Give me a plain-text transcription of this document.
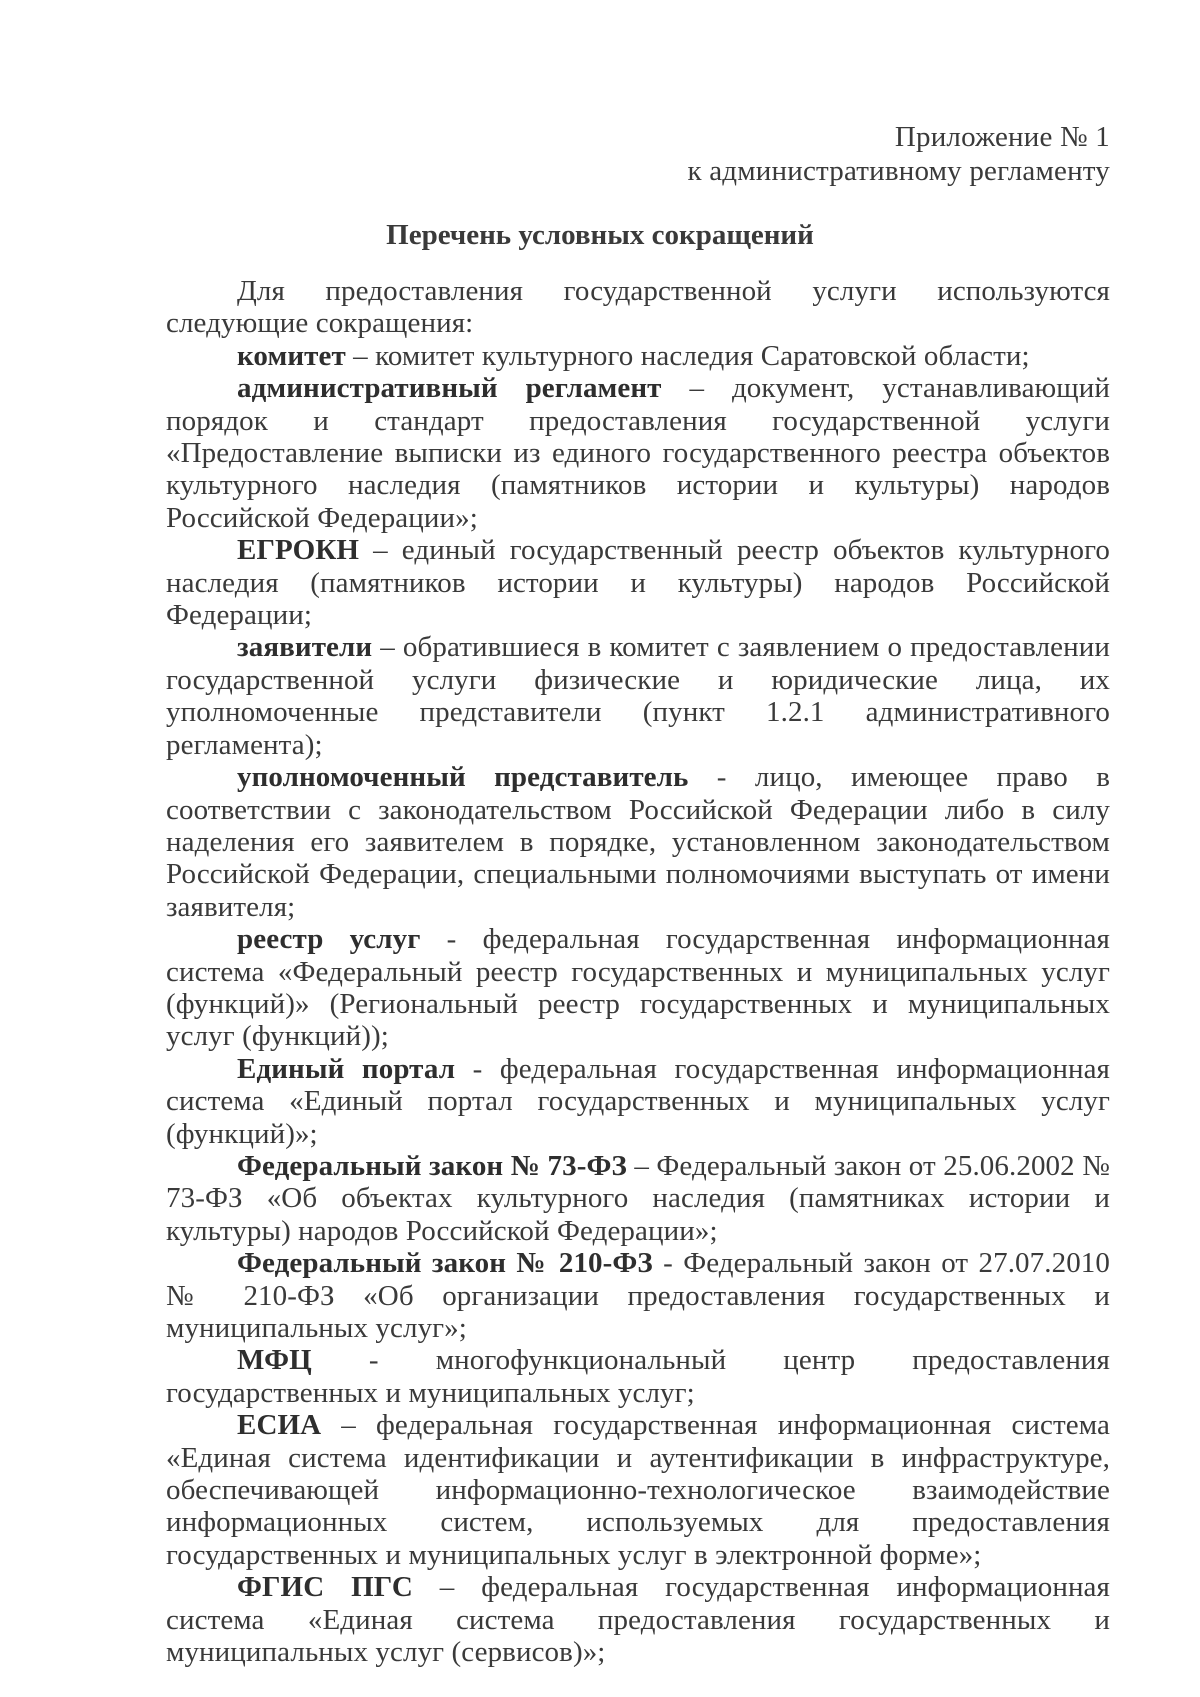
Приложение № 1
к административному регламенту
Перечень условных сокращений

Для предоставления государственной услуги используются следующие сокращения:

комитет – комитет культурного наследия Саратовской области;

административный регламент – документ, устанавливающий порядок и стандарт предоставления государственной услуги «Предоставление выписки из единого государственного реестра объектов культурного наследия (памятников истории и культуры) народов Российской Федерации»;

ЕГРОКН – единый государственный реестр объектов культурного наследия (памятников истории и культуры) народов Российской Федерации;

заявители – обратившиеся в комитет с заявлением о предоставлении государственной услуги физические и юридические лица, их уполномоченные представители (пункт 1.2.1 административного регламента);

уполномоченный представитель - лицо, имеющее право в соответствии с законодательством Российской Федерации либо в силу наделения его заявителем в порядке, установленном законодательством Российской Федерации, специальными полномочиями выступать от имени заявителя;

реестр услуг - федеральная государственная информационная система «Федеральный реестр государственных и муниципальных услуг (функций)» (Региональный реестр государственных и муниципальных услуг (функций));

Единый портал - федеральная государственная информационная система «Единый портал государственных и муниципальных услуг (функций)»;

Федеральный закон № 73-ФЗ – Федеральный закон от 25.06.2002 № 73-ФЗ «Об объектах культурного наследия (памятниках истории и культуры) народов Российской Федерации»;

Федеральный закон № 210-ФЗ - Федеральный закон от 27.07.2010 № 210-ФЗ «Об организации предоставления государственных и муниципальных услуг»;

МФЦ - многофункциональный центр предоставления государственных и муниципальных услуг;

ЕСИА – федеральная государственная информационная система «Единая система идентификации и аутентификации в инфраструктуре, обеспечивающей информационно-технологическое взаимодействие информационных систем, используемых для предоставления государственных и муниципальных услуг в электронной форме»;

ФГИС ПГС – федеральная государственная информационная система «Единая система предоставления государственных и муниципальных услуг (сервисов)»;
